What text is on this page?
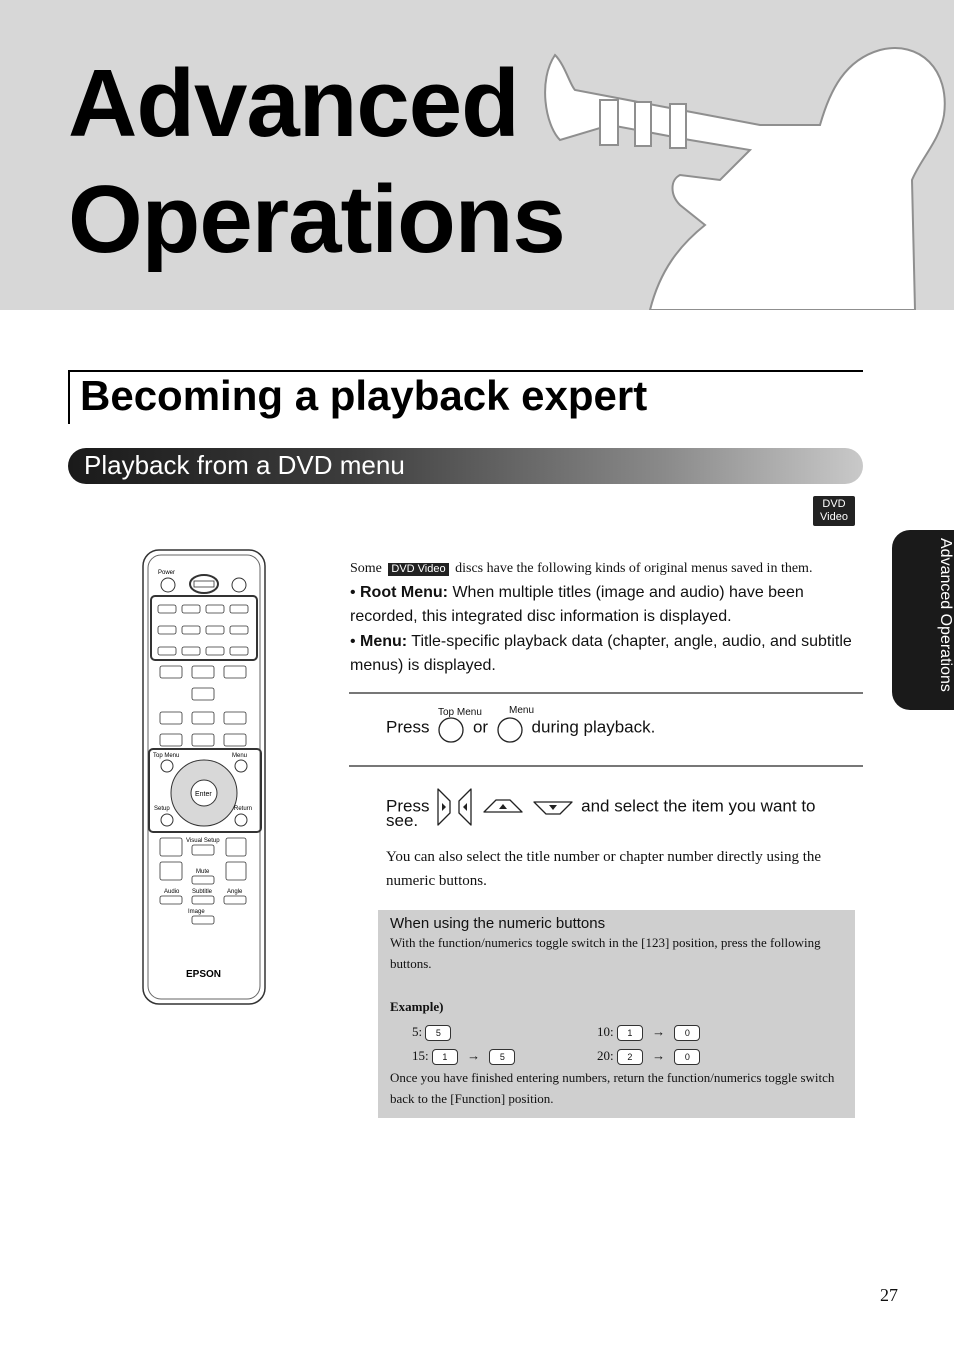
Advanced
Operations
Becoming a playback expert
Playback from a DVD menu
DVD
Video
Advanced Operations
Power
Top Menu	Menu
Enter
Setup	Return
Visual Setup
Mute
Audio Subtitle Angle
Image
EPSON
Some DVD Video discs have the following kinds of original menus saved in them.
• Root Menu: When multiple titles (image and audio) have been recorded, this integrated disc information is displayed.
• Menu: Title-specific playback data (chapter, angle, audio, and subtitle menus) is displayed.
Top Menu	Menu
Press	or	during playback.
Press	and select the item you want to
see.
You can also select the title number or chapter number directly using the numeric buttons.
When using the numeric buttons
With the function/numerics toggle switch in the [123] position, press the following buttons.
Example)
5: 5	10: 1 → 0
15: 1 → 5	20: 2 → 0
Once you have finished entering numbers, return the function/numerics toggle switch back to the [Function] position.
27
